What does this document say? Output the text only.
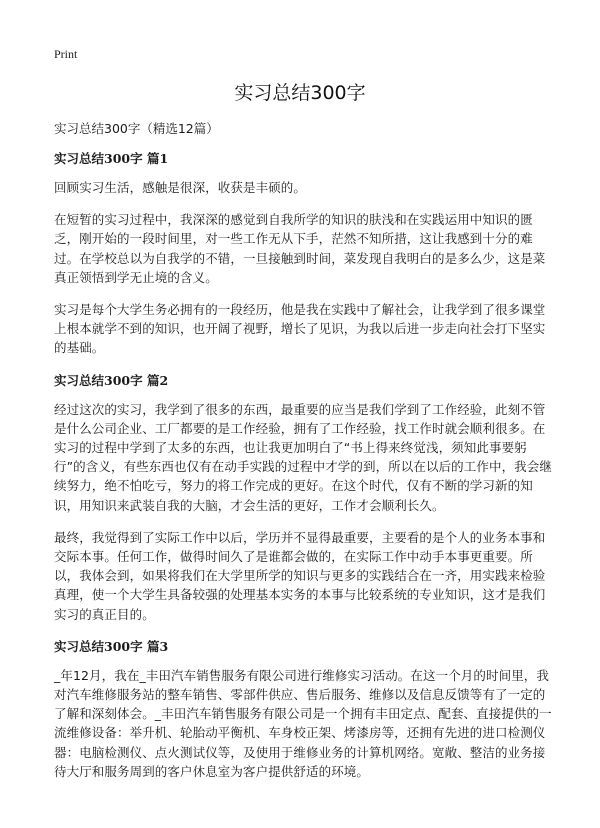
Print
实习总结300字

实习总结300字（精选12篇）

实习总结300字 篇1

回顾实习生活，感触是很深，收获是丰硕的。

在短暂的实习过程中，我深深的感觉到自我所学的知识的肤浅和在实践运用中知识的匮乏，刚开始的一段时间里，对一些工作无从下手，茫然不知所措，这让我感到十分的难过。在学校总以为自我学的不错，一旦接触到时间，菜发现自我明白的是多么少，这是菜真正领悟到学无止境的含义。

实习是每个大学生务必拥有的一段经历，他是我在实践中了解社会，让我学到了很多课堂上根本就学不到的知识，也开阔了视野，增长了见识，为我以后进一步走向社会打下坚实的基础。

实习总结300字 篇2

经过这次的实习，我学到了很多的东西，最重要的应当是我们学到了工作经验，此刻不管是什么公司企业、工厂都要的是工作经验，拥有了工作经验，找工作时就会顺利很多。在实习的过程中学到了太多的东西，也让我更加明白了“书上得来终觉浅，须知此事要躬行”的含义，有些东西也仅有在动手实践的过程中才学的到，所以在以后的工作中，我会继续努力，绝不怕吃亏，努力的将工作完成的更好。在这个时代，仅有不断的学习新的知识，用知识来武装自我的大脑，才会生活的更好，工作才会顺利长久。

最终，我觉得到了实际工作中以后，学历并不显得最重要，主要看的是个人的业务本事和交际本事。任何工作，做得时间久了是谁都会做的，在实际工作中动手本事更重要。所以，我体会到，如果将我们在大学里所学的知识与更多的实践结合在一齐，用实践来检验真理，使一个大学生具备较强的处理基本实务的本事与比较系统的专业知识，这才是我们实习的真正目的。

实习总结300字 篇3

_年12月，我在_丰田汽车销售服务有限公司进行维修实习活动。在这一个月的时间里，我对汽车维修服务站的整车销售、零部件供应、售后服务、维修以及信息反馈等有了一定的了解和深刻体会。_丰田汽车销售服务有限公司是一个拥有丰田定点、配套、直接提供的一流维修设备：举升机、轮胎动平衡机、车身校正架、烤漆房等，还拥有先进的进口检测仪器：电脑检测仪、点火测试仪等，及使用于维修业务的计算机网络。宽敞、整洁的业务接待大厅和服务周到的客户休息室为客户提供舒适的环境。
